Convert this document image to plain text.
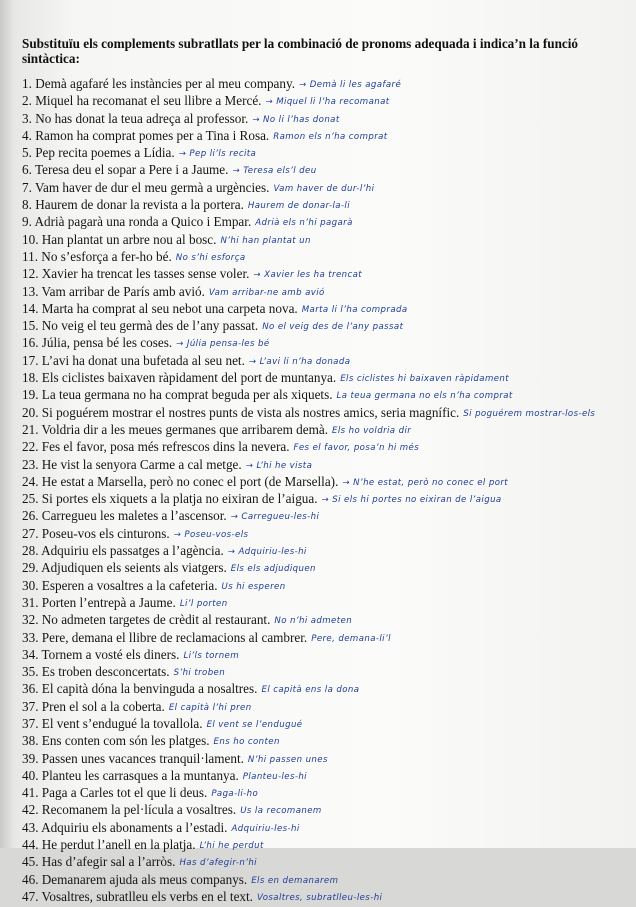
Substituïu els complements subratllats per la combinació de pronoms adequada i indica’n la funció sintàctica:

1. Demà agafaré les instàncies per al meu company. → Demà li les agafaré
2. Miquel ha recomanat el seu llibre a Mercé. → Miquel li l’ha recomanat
3. No has donat la teua adreça al professor. → No li l’has donat
4. Ramon ha comprat pomes per a Tina i Rosa. Ramon els n’ha comprat
5. Pep recita poemes a Lídia. → Pep li’ls recita
6. Teresa deu el sopar a Pere i a Jaume. → Teresa els’l deu
7. Vam haver de dur el meu germà a urgències. Vam haver de dur-l’hi
8. Haurem de donar la revista a la portera. Haurem de donar-la-li
9. Adrià pagarà una ronda a Quico i Empar. Adrià els n’hi pagarà
10. Han plantat un arbre nou al bosc. N’hi han plantat un
11. No s’esforça a fer-ho bé. No s’hi esforça
12. Xavier ha trencat les tasses sense voler. → Xavier les ha trencat
13. Vam arribar de París amb avió. Vam arribar-ne amb avió
14. Marta ha comprat al seu nebot una carpeta nova. Marta li l’ha comprada
15. No veig el teu germà des de l’any passat. No el veig des de l’any passat
16. Júlia, pensa bé les coses. → Júlia pensa-les bé
17. L’avi ha donat una bufetada al seu net. → L’avi li n’ha donada
18. Els ciclistes baixaven ràpidament del port de muntanya. Els ciclistes hi baixaven ràpidament
19. La teua germana no ha comprat beguda per als xiquets. La teua germana no els n’ha comprat
20. Si poguérem mostrar el nostres punts de vista als nostres amics, seria magnífic. Si poguérem mostrar-los-els
21. Voldria dir a les meues germanes que arribarem demà. Els ho voldria dir
22. Fes el favor, posa més refrescos dins la nevera. Fes el favor, posa’n hi més
23. He vist la senyora Carme a cal metge. → L’hi he vista
24. He estat a Marsella, però no conec el port (de Marsella). → N’he estat, però no conec el port
25. Si portes els xiquets a la platja no eixiran de l’aigua. → Si els hi portes no eixiran de l’aigua
26. Carregueu les maletes a l’ascensor. → Carregueu-les-hi
27. Poseu-vos els cinturons. → Poseu-vos-els
28. Adquiriu els passatges a l’agència. → Adquiriu-les-hi
29. Adjudiquen els seients als viatgers. Els els adjudiquen
30. Esperen a vosaltres a la cafeteria. Us hi esperen
31. Porten l’entrepà a Jaume. Li’l porten
32. No admeten targetes de crèdit al restaurant. No n’hi admeten
33. Pere, demana el llibre de reclamacions al cambrer. Pere, demana-li’l
34. Tornem a vosté els diners. Li’ls tornem
35. Es troben desconcertats. S’hi troben
36. El capità dóna la benvinguda a nosaltres. El capità ens la dona
37. Pren el sol a la coberta. El capità l’hi pren
37. El vent s’endugué la tovallola. El vent se l’endugué
38. Ens conten com són les platges. Ens ho conten
39. Passen unes vacances tranquil·lament. N’hi passen unes
40. Planteu les carrasques a la muntanya. Planteu-les-hi
41. Paga a Carles tot el que li deus. Paga-li-ho
42. Recomanem la pel·lícula a vosaltres. Us la recomanem
43. Adquiriu els abonaments a l’estadi. Adquiriu-les-hi
44. He perdut l’anell en la platja. L’hi he perdut
45. Has d’afegir sal a l’arròs. Has d’afegir-n’hi
46. Demanarem ajuda als meus companys. Els en demanarem
47. Vosaltres, subratlleu els verbs en el text. Vosaltres, subratlleu-les-hi
